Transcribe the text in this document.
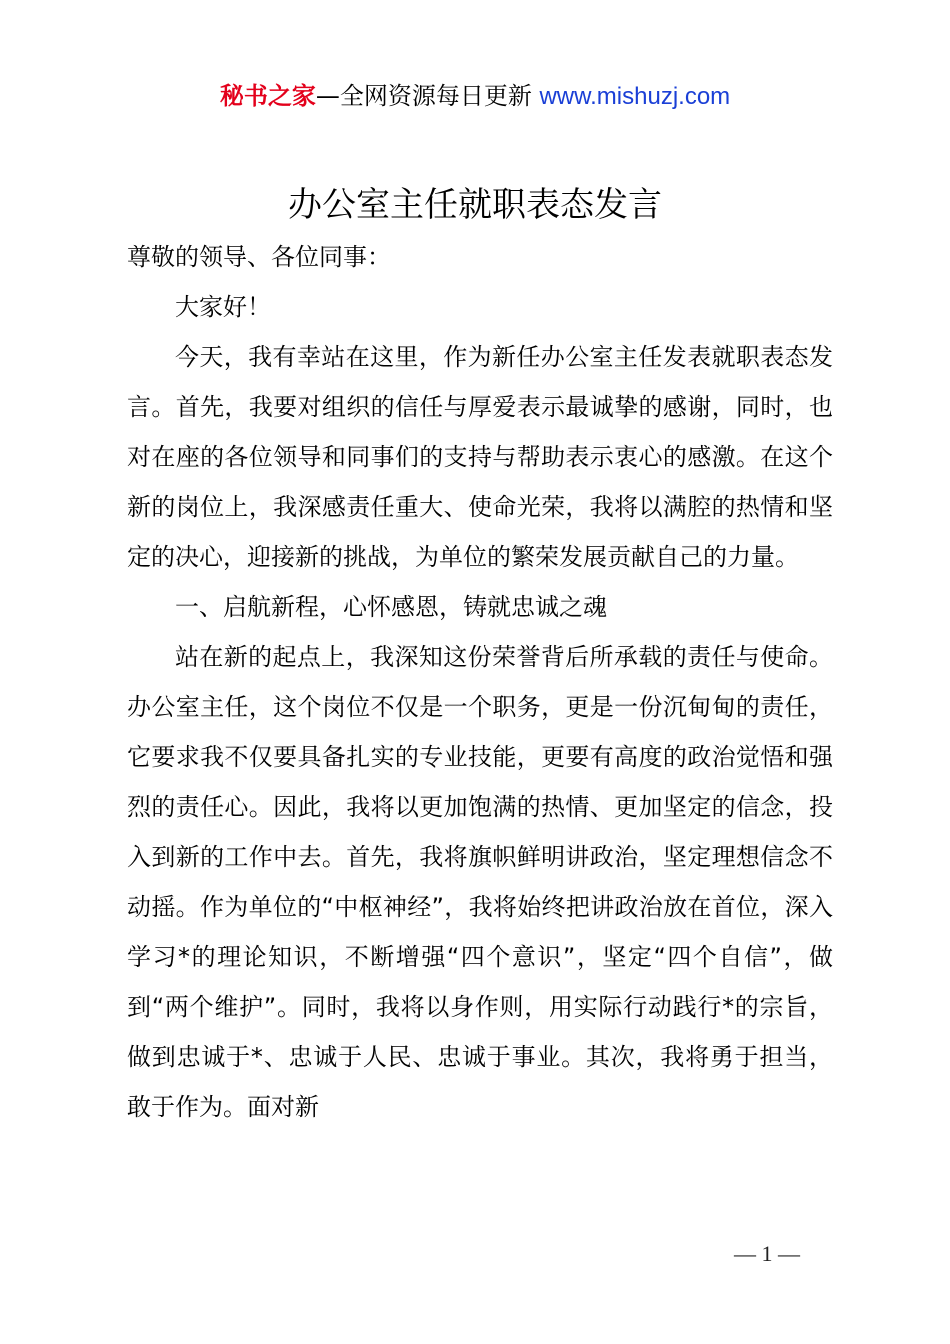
秘书之家—全网资源每日更新 www.mishuzj.com
办公室主任就职表态发言

尊敬的领导、各位同事：

大家好！

今天，我有幸站在这里，作为新任办公室主任发表就职表态发言。首先，我要对组织的信任与厚爱表示最诚挚的感谢，同时，也对在座的各位领导和同事们的支持与帮助表示衷心的感激。在这个新的岗位上，我深感责任重大、使命光荣，我将以满腔的热情和坚定的决心，迎接新的挑战，为单位的繁荣发展贡献自己的力量。

一、启航新程，心怀感恩，铸就忠诚之魂

站在新的起点上，我深知这份荣誉背后所承载的责任与使命。办公室主任，这个岗位不仅是一个职务，更是一份沉甸甸的责任，它要求我不仅要具备扎实的专业技能，更要有高度的政治觉悟和强烈的责任心。因此，我将以更加饱满的热情、更加坚定的信念，投入到新的工作中去。首先，我将旗帜鲜明讲政治，坚定理想信念不动摇。作为单位的“中枢神经”，我将始终把讲政治放在首位，深入学习*的理论知识，不断增强“四个意识”，坚定“四个自信”，做到“两个维护”。同时，我将以身作则，用实际行动践行*的宗旨，做到忠诚于*、忠诚于人民、忠诚于事业。其次，我将勇于担当，敢于作为。面对新

— 1 —
